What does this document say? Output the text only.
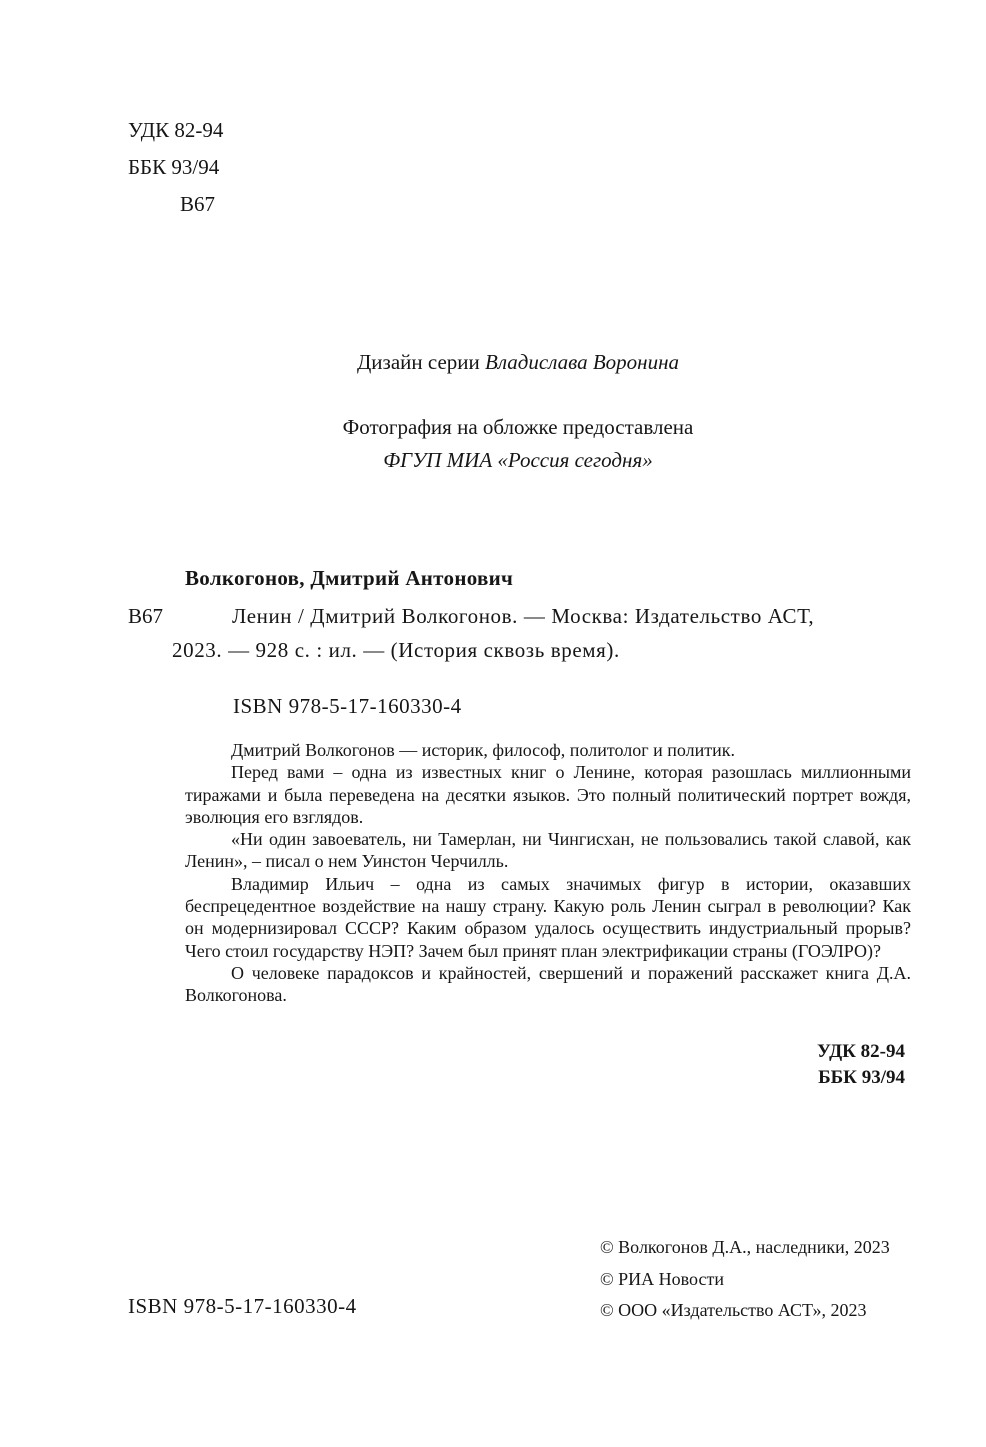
УДК 82-94
ББК 93/94
В67
Дизайн серии Владислава Воронина
Фотография на обложке предоставлена
ФГУП МИА «Россия сегодня»
Волкогонов, Дмитрий Антонович
В67	Ленин / Дмитрий Волкогонов. — Москва: Издательство АСТ,
2023. — 928 с. : ил. — (История сквозь время).
ISBN 978-5-17-160330-4

Дмитрий Волкогонов — историк, философ, политолог и политик.

Перед вами – одна из известных книг о Ленине, которая разошлась миллионными тиражами и была переведена на десятки языков. Это полный политический портрет вождя, эволюция его взглядов.

«Ни один завоеватель, ни Тамерлан, ни Чингисхан, не пользовались такой славой, как Ленин», – писал о нем Уинстон Черчилль.

Владимир Ильич – одна из самых значимых фигур в истории, оказавших беспрецедентное воздействие на нашу страну. Какую роль Ленин сыграл в революции? Как он модернизировал СССР? Каким образом удалось осуществить индустриальный прорыв? Чего стоил государству НЭП? Зачем был принят план электрификации страны (ГОЭЛРО)?

О человеке парадоксов и крайностей, свершений и поражений расскажет книга Д.А. Волкогонова.

УДК 82-94
ББК 93/94
© Волкогонов Д.А., наследники, 2023
© РИА Новости
© ООО «Издательство АСТ», 2023
ISBN 978-5-17-160330-4
